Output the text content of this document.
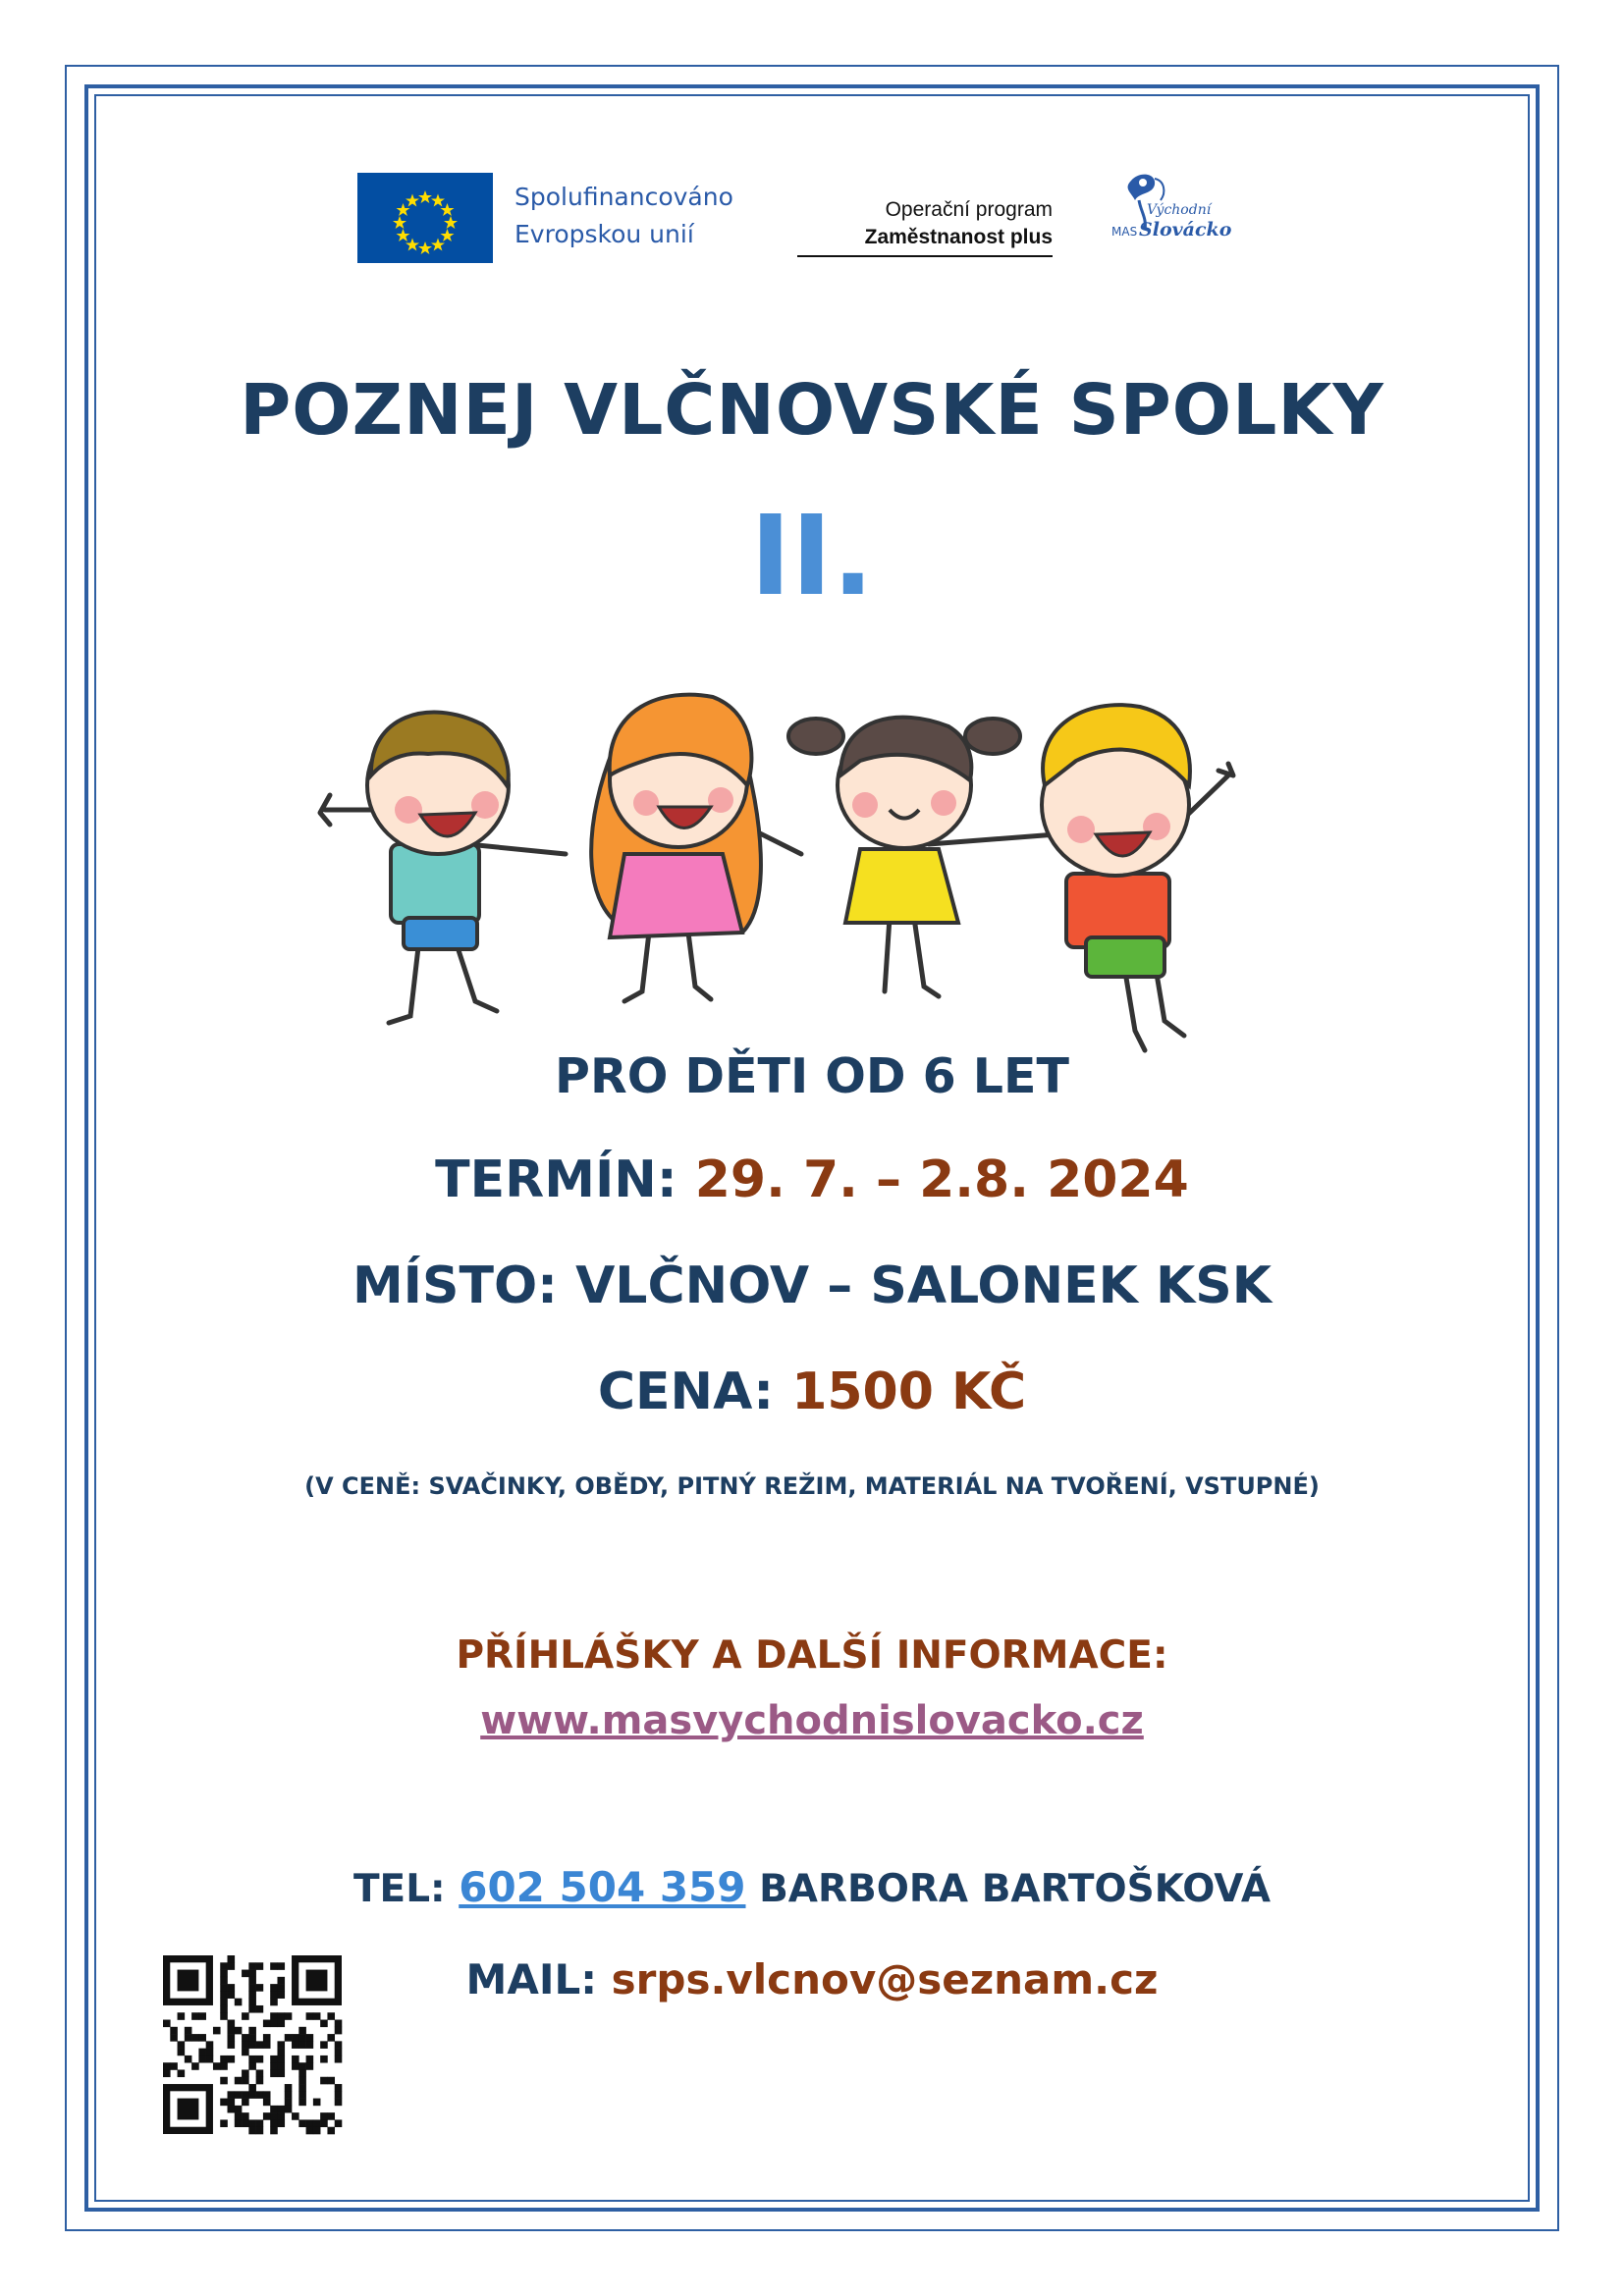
Spolufinancováno
Evropskou unií
Operační program
Zaměstnanost plus
Východní
MAS Slovácko
POZNEJ VLČNOVSKÉ SPOLKY
II.
PRO DĚTI OD 6 LET
TERMÍN: 29. 7. – 2.8. 2024
MÍSTO: VLČNOV – SALONEK KSK
CENA: 1500 KČ
(V CENĚ: SVAČINKY, OBĚDY, PITNÝ REŽIM, MATERIÁL NA TVOŘENÍ, VSTUPNÉ)
PŘÍHLÁŠKY A DALŠÍ INFORMACE:
www.masvychodnislovacko.cz
TEL: 602 504 359 BARBORA BARTOŠKOVÁ
MAIL: srps.vlcnov@seznam.cz
